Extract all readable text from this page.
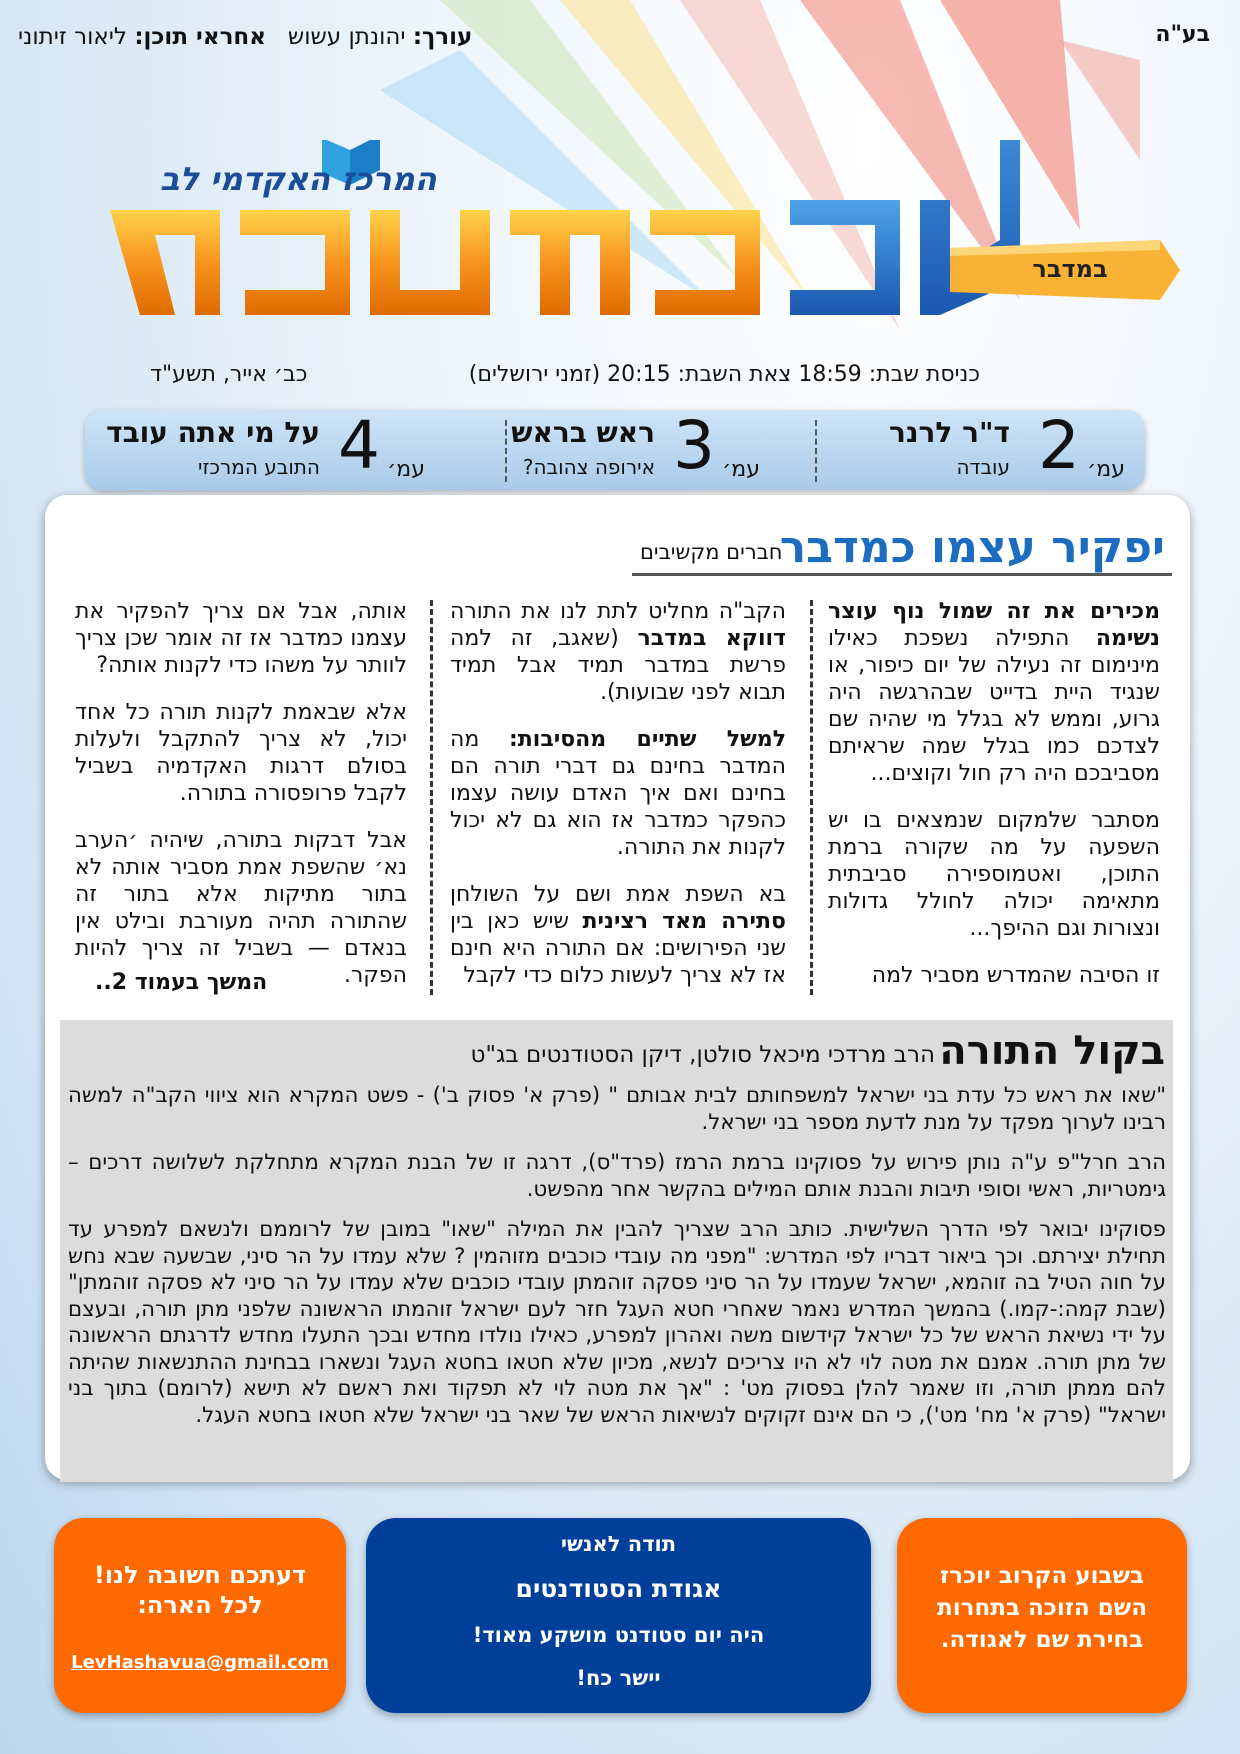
בע"ה
עורך: יהונתן עשוש   אחראי תוכן: ליאור זיתוני
המרכז האקדמי לב
במדבר
כניסת שבת: 18:59 צאת השבת: 20:15 (זמני ירושלים)
כב׳ אייר, תשע"ד
עמ׳
2
ד"ר לרנר
עובדה
עמ׳
3
ראש בראש
אירופה צהובה?
עמ׳
4
על מי אתה עובד
התובע המרכזי
יפקיר עצמו כמדבר
חברים מקשיבים

מכירים את זה שמול נוף עוצר נשימה התפילה נשפכת כאילו מינימום זה נעילה של יום כיפור, או שנגיד היית בדייט שבהרגשה היה גרוע, וממש לא בגלל מי שהיה שם לצדכם כמו בגלל שמה שראיתם מסביבכם היה רק חול וקוצים...

מסתבר שלמקום שנמצאים בו יש השפעה על מה שקורה ברמת התוכן, ואטמוספירה סביבתית מתאימה יכולה לחולל גדולות ונצורות וגם ההיפך...

זו הסיבה שהמדרש מסביר למה

הקב"ה מחליט לתת לנו את התורה דווקא במדבר (שאגב, זה למה פרשת במדבר תמיד אבל תמיד תבוא לפני שבועות).

למשל שתיים מהסיבות: מה המדבר בחינם גם דברי תורה הם בחינם ואם איך האדם עושה עצמו כהפקר כמדבר אז הוא גם לא יכול לקנות את התורה.

בא השפת אמת ושם על השולחן סתירה מאד רצינית שיש כאן בין שני הפירושים: אם התורה היא חינם אז לא צריך לעשות כלום כדי לקבל

אותה, אבל אם צריך להפקיר את עצמנו כמדבר אז זה אומר שכן צריך לוותר על משהו כדי לקנות אותה?

אלא שבאמת לקנות תורה כל אחד יכול, לא צריך להתקבל ולעלות בסולם דרגות האקדמיה בשביל לקבל פרופסורה בתורה.

אבל דבקות בתורה, שיהיה ׳הערב נא׳ שהשפת אמת מסביר אותה לא בתור מתיקות אלא בתור זה שהתורה תהיה מעורבת ובילט אין בנאדם — בשביל זה צריך להיות הפקר.

המשך בעמוד 2..
בקול התורה
הרב מרדכי מיכאל סולטן, דיקן הסטודנטים בג"ט

"שאו את ראש כל עדת בני ישראל למשפחותם לבית אבותם " (פרק א' פסוק ב') - פשט המקרא הוא ציווי הקב"ה למשה רבינו לערוך מפקד על מנת לדעת מספר בני ישראל.

הרב חרל"פ ע"ה נותן פירוש על פסוקינו ברמת הרמז (פרד"ס), דרגה זו של הבנת המקרא מתחלקת לשלושה דרכים – גימטריות, ראשי וסופי תיבות והבנת אותם המילים בהקשר אחר מהפשט.

פסוקינו יבואר לפי הדרך השלישית. כותב הרב שצריך להבין את המילה "שאו" במובן של לרוממם ולנשאם למפרע עד תחילת יצירתם. וכך ביאור דבריו לפי המדרש: "מפני מה עובדי כוכבים מזוהמין ? שלא עמדו על הר סיני, שבשעה שבא נחש על חוה הטיל בה זוהמא, ישראל שעמדו על הר סיני פסקה זוהמתן עובדי כוכבים שלא עמדו על הר סיני לא פסקה זוהמתן"(שבת קמה:-קמו.) בהמשך המדרש נאמר שאחרי חטא העגל חזר לעם ישראל זוהמתו הראשונה שלפני מתן תורה, ובעצם על ידי נשיאת הראש של כל ישראל קידשום משה ואהרון למפרע, כאילו נולדו מחדש ובכך התעלו מחדש לדרגתם הראשונה של מתן תורה. אמנם את מטה לוי לא היו צריכים לנשא, מכיון שלא חטאו בחטא העגל ונשארו בבחינת ההתנשאות שהיתה להם ממתן תורה, וזו שאמר להלן בפסוק מט' : "אך את מטה לוי לא תפקוד ואת ראשם לא תישא (לרומם) בתוך בני ישראל" (פרק א' מח' מט'), כי הם אינם זקוקים לנשיאות הראש של שאר בני ישראל שלא חטאו בחטא העגל.

בשבוע הקרוב יוכרז
השם הזוכה בתחרות
בחירת שם לאגודה.
תודה לאנשי
אגודת הסטודנטים
היה יום סטודנט מושקע מאוד!
יישר כח!
דעתכם חשובה לנו!
לכל הארה:
LevHashavua@gmail.com
